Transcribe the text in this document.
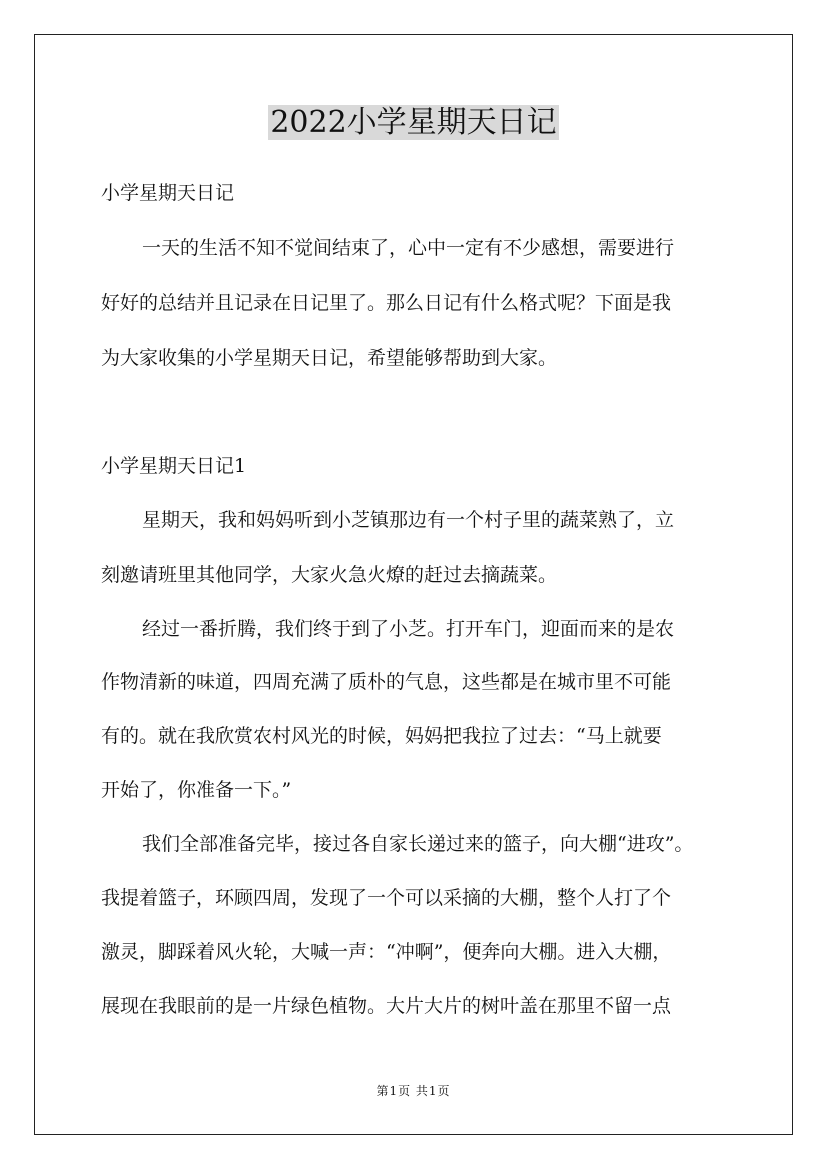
2022小学星期天日记
小学星期天日记
一天的生活不知不觉间结束了，心中一定有不少感想，需要进行
好好的总结并且记录在日记里了。那么日记有什么格式呢？下面是我
为大家收集的小学星期天日记，希望能够帮助到大家。
小学星期天日记1
星期天，我和妈妈听到小芝镇那边有一个村子里的蔬菜熟了，立
刻邀请班里其他同学，大家火急火燎的赶过去摘蔬菜。
经过一番折腾，我们终于到了小芝。打开车门，迎面而来的是农
作物清新的味道，四周充满了质朴的气息，这些都是在城市里不可能
有的。就在我欣赏农村风光的时候，妈妈把我拉了过去：“马上就要
开始了，你准备一下。”
我们全部准备完毕，接过各自家长递过来的篮子，向大棚“进攻”。
我提着篮子，环顾四周，发现了一个可以采摘的大棚，整个人打了个
激灵，脚踩着风火轮，大喊一声：“冲啊”，便奔向大棚。进入大棚，
展现在我眼前的是一片绿色植物。大片大片的树叶盖在那里不留一点
第1页 共1页
